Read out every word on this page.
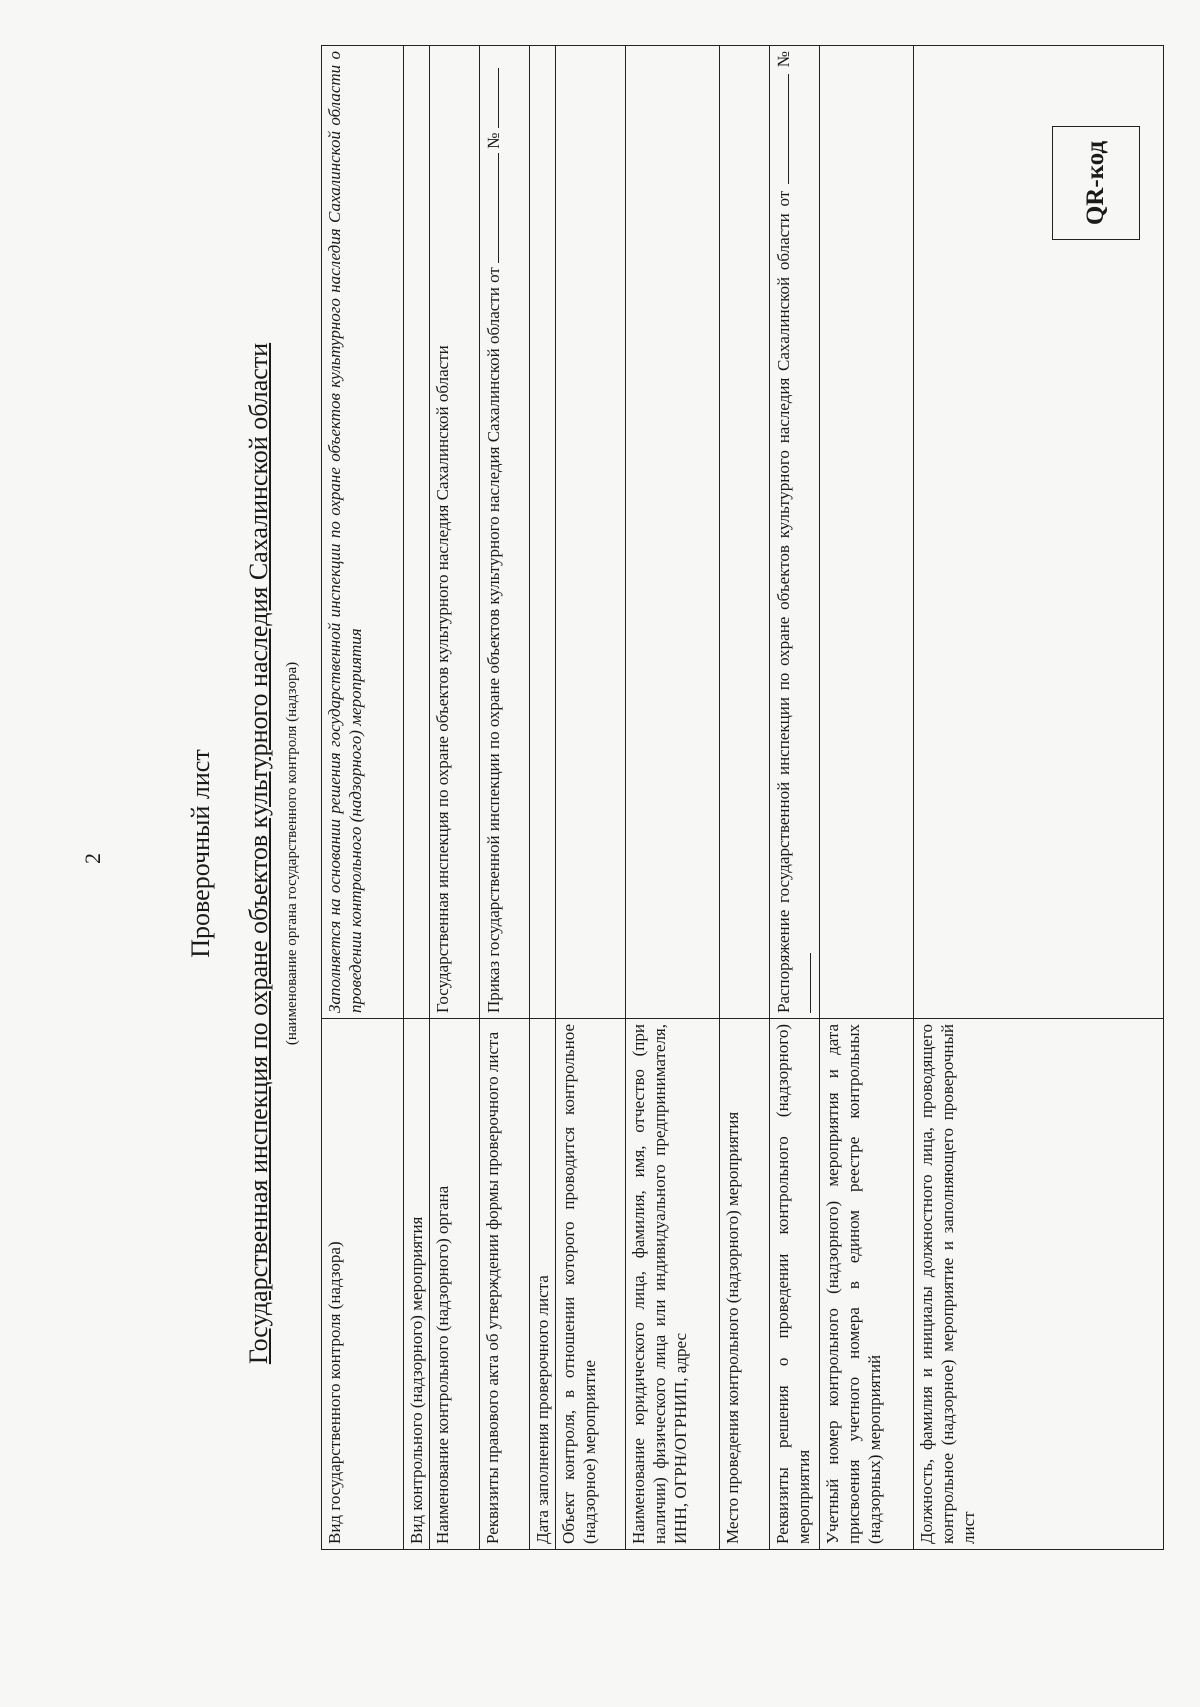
2
QR-код
Проверочный лист Государственная инспекция по охране объектов культурного наследия Сахалинской области (наименование органа государственного контроля (надзора)
Вид государственного контроля (надзора)	Заполняется на основании решения государственной инспекции по охране объектов культурного наследия Сахалинской области о проведении контрольного (надзорного) мероприятия
Вид контрольного (надзорного) мероприятия	
Наименование контрольного (надзорного) органа	Государственная инспекция по охране объектов культурного наследия Сахалинской области
Реквизиты правового акта об утверждении формы проверочного листа	Приказ государственной инспекции по охране объектов культурного наследия Сахалинской области от  №
Дата заполнения проверочного листа	
Объект контроля, в отношении которого проводится контрольное (надзорное) мероприятие	
Наименование юридического лица, фамилия, имя, отчество (при наличии) физического лица или индивидуального предпринимателя, ИНН, ОГРН/ОГРНИП, адрес	
Место проведения контрольного (надзорного) мероприятия	
Реквизиты решения о проведении контрольного (надзорного) мероприятия	Распоряжение государственной инспекции по охране объектов культурного наследия Сахалинской области от  №
Учетный номер контрольного (надзорного) мероприятия и дата присвоения учетного номера в едином реестре контрольных (надзорных) мероприятий	
Должность, фамилия и инициалы должностного лица, проводящего контрольное (надзорное) мероприятие и заполняющего проверочный лист	
